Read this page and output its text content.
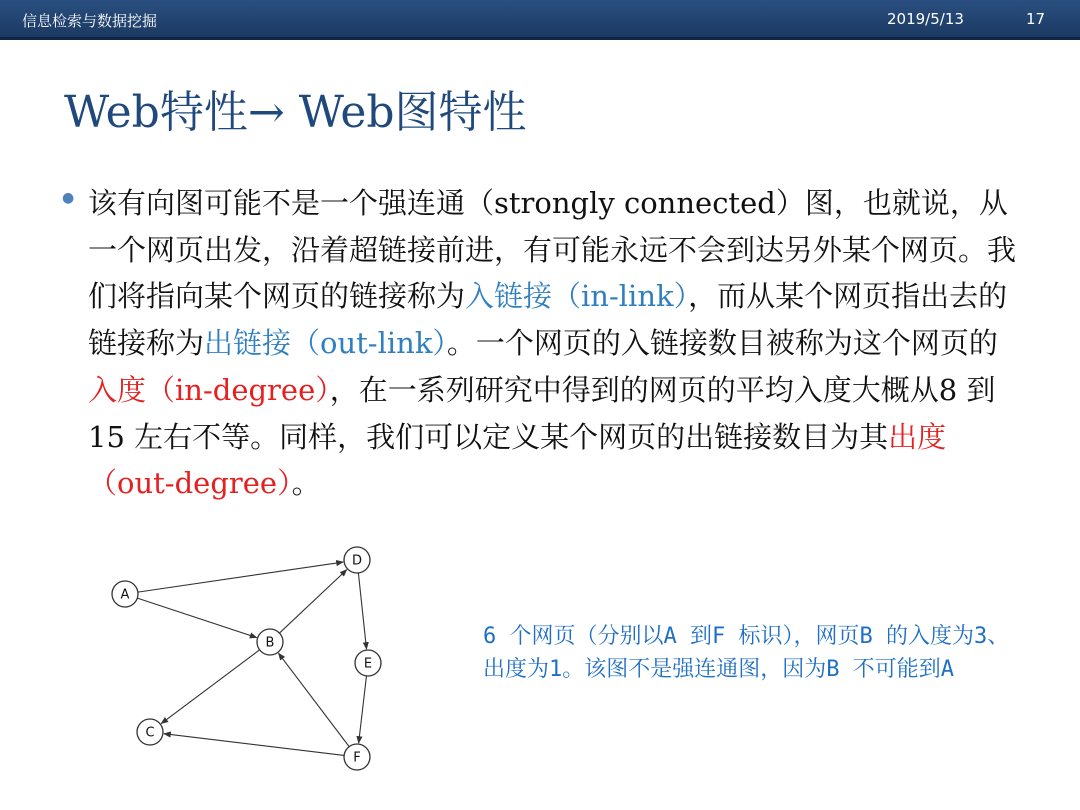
信息检索与数据挖掘	2019/5/13	17
Web特性→ Web图特性
● 该有向图可能不是一个强连通（strongly connected）图，也就说，从一个网页出发，沿着超链接前进，有可能永远不会到达另外某个网页。我们将指向某个网页的链接称为入链接（in-link），而从某个网页指出去的链接称为出链接（out-link）。一个网页的入链接数目被称为这个网页的入度（in-degree），在一系列研究中得到的网页的平均入度大概从8 到15 左右不等。同样，我们可以定义某个网页的出链接数目为其出度（out-degree）。

A
B
C
D
E
F

6 个网页（分别以A 到F 标识），网页B 的入度为3、出度为1。该图不是强连通图，因为B 不可能到A
